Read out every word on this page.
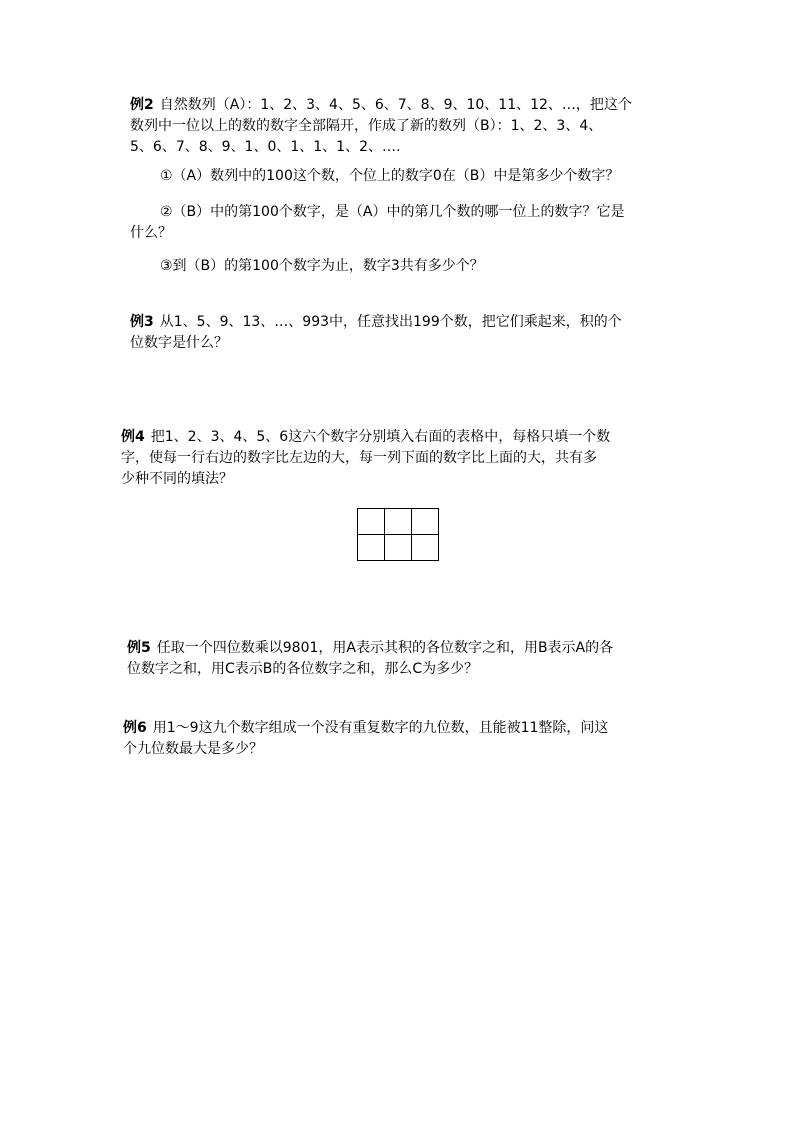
例2 自然数列（A）：1、2、3、4、5、6、7、8、9、10、11、12、…，把这个
数列中一位以上的数的数字全部隔开，作成了新的数列（B）：1、2、3、4、
5、6、7、8、9、1、0、1、1、1、2、….
①（A）数列中的100这个数，个位上的数字0在（B）中是第多少个数字？
②（B）中的第100个数字，是（A）中的第几个数的哪一位上的数字？它是
什么？
③到（B）的第100个数字为止，数字3共有多少个？
例3 从1、5、9、13、…、993中，任意找出199个数，把它们乘起来，积的个
位数字是什么？
例4 把1、2、3、4、5、6这六个数字分别填入右面的表格中，每格只填一个数
字，使每一行右边的数字比左边的大，每一列下面的数字比上面的大，共有多
少种不同的填法？

例5 任取一个四位数乘以9801，用A表示其积的各位数字之和，用B表示A的各
位数字之和，用C表示B的各位数字之和，那么C为多少？
例6 用1～9这九个数字组成一个没有重复数字的九位数，且能被11整除，问这
个九位数最大是多少？
